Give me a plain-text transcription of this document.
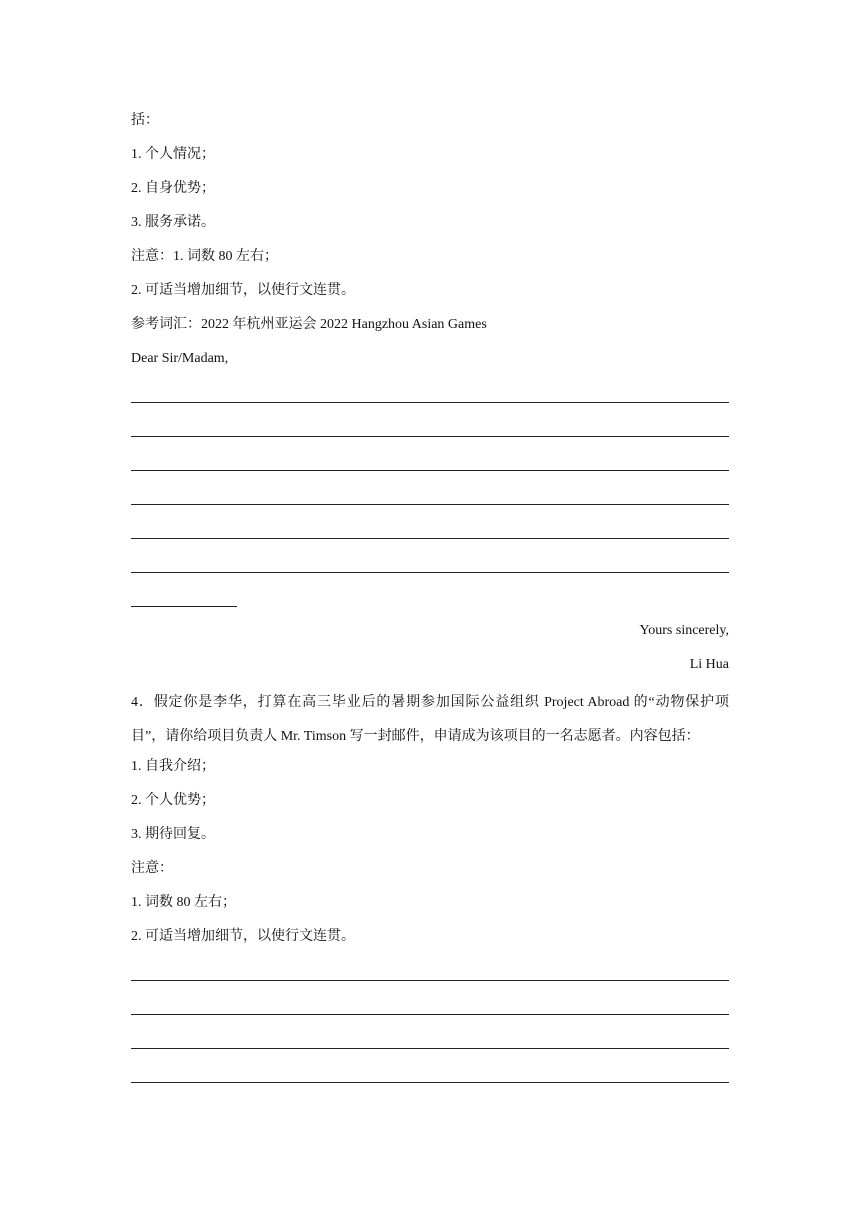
括：
1. 个人情况；
2. 自身优势；
3. 服务承诺。
注意：1. 词数 80 左右；
2. 可适当增加细节，以使行文连贯。
参考词汇：2022 年杭州亚运会 2022 Hangzhou Asian Games
Dear Sir/Madam,
Yours sincerely,
Li Hua
4．假定你是李华，打算在高三毕业后的暑期参加国际公益组织 Project Abroad 的“动物保护项目”，请你给项目负责人 Mr. Timson 写一封邮件，申请成为该项目的一名志愿者。内容包括：
1. 自我介绍；
2. 个人优势；
3. 期待回复。
注意：
1. 词数 80 左右；
2. 可适当增加细节，以使行文连贯。
